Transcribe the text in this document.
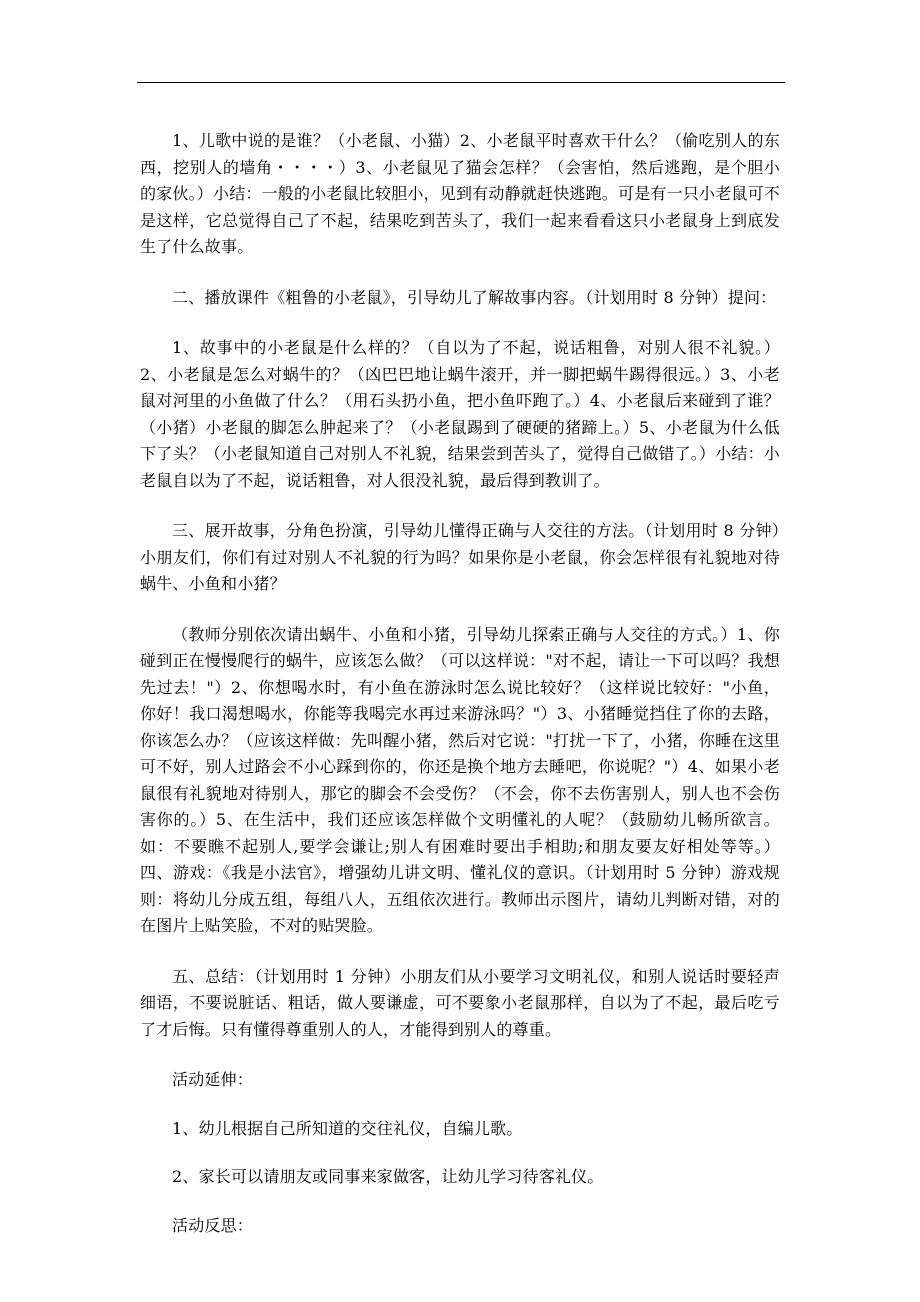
1、儿歌中说的是谁？（小老鼠、小猫）2、小老鼠平时喜欢干什么？（偷吃别人的东西，挖别人的墙角・・・・）3、小老鼠见了猫会怎样？（会害怕，然后逃跑，是个胆小的家伙。）小结：一般的小老鼠比较胆小，见到有动静就赶快逃跑。可是有一只小老鼠可不是这样，它总觉得自己了不起，结果吃到苦头了，我们一起来看看这只小老鼠身上到底发生了什么故事。

二、播放课件《粗鲁的小老鼠》，引导幼儿了解故事内容。（计划用时 8 分钟）提问：

1、故事中的小老鼠是什么样的？（自以为了不起，说话粗鲁，对别人很不礼貌。）2、小老鼠是怎么对蜗牛的？（凶巴巴地让蜗牛滚开，并一脚把蜗牛踢得很远。）3、小老鼠对河里的小鱼做了什么？（用石头扔小鱼，把小鱼吓跑了。）4、小老鼠后来碰到了谁？（小猪）小老鼠的脚怎么肿起来了？（小老鼠踢到了硬硬的猪蹄上。）5、小老鼠为什么低下了头？（小老鼠知道自己对别人不礼貌，结果尝到苦头了，觉得自己做错了。）小结：小老鼠自以为了不起，说话粗鲁，对人很没礼貌，最后得到教训了。

三、展开故事，分角色扮演，引导幼儿懂得正确与人交往的方法。（计划用时 8 分钟）小朋友们，你们有过对别人不礼貌的行为吗？如果你是小老鼠，你会怎样很有礼貌地对待蜗牛、小鱼和小猪？

（教师分别依次请出蜗牛、小鱼和小猪，引导幼儿探索正确与人交往的方式。）1、你碰到正在慢慢爬行的蜗牛，应该怎么做？（可以这样说："对不起，请让一下可以吗？我想先过去！"）2、你想喝水时，有小鱼在游泳时怎么说比较好？（这样说比较好："小鱼，你好！我口渴想喝水，你能等我喝完水再过来游泳吗？"）3、小猪睡觉挡住了你的去路，你该怎么办？（应该这样做：先叫醒小猪，然后对它说："打扰一下了，小猪，你睡在这里可不好，别人过路会不小心踩到你的，你还是换个地方去睡吧，你说呢？"）4、如果小老鼠很有礼貌地对待别人，那它的脚会不会受伤？（不会，你不去伤害别人，别人也不会伤害你的。）5、在生活中，我们还应该怎样做个文明懂礼的人呢？（鼓励幼儿畅所欲言。如：不要瞧不起别人,要学会谦让;别人有困难时要出手相助;和朋友要友好相处等等。）四、游戏：《我是小法官》，增强幼儿讲文明、懂礼仪的意识。（计划用时 5 分钟）游戏规则：将幼儿分成五组，每组八人，五组依次进行。教师出示图片，请幼儿判断对错，对的在图片上贴笑脸，不对的贴哭脸。

五、总结：（计划用时 1 分钟）小朋友们从小要学习文明礼仪，和别人说话时要轻声细语，不要说脏话、粗话，做人要谦虚，可不要象小老鼠那样，自以为了不起，最后吃亏了才后悔。只有懂得尊重别人的人，才能得到别人的尊重。

活动延伸：

1、幼儿根据自己所知道的交往礼仪，自编儿歌。

2、家长可以请朋友或同事来家做客，让幼儿学习待客礼仪。

活动反思：
